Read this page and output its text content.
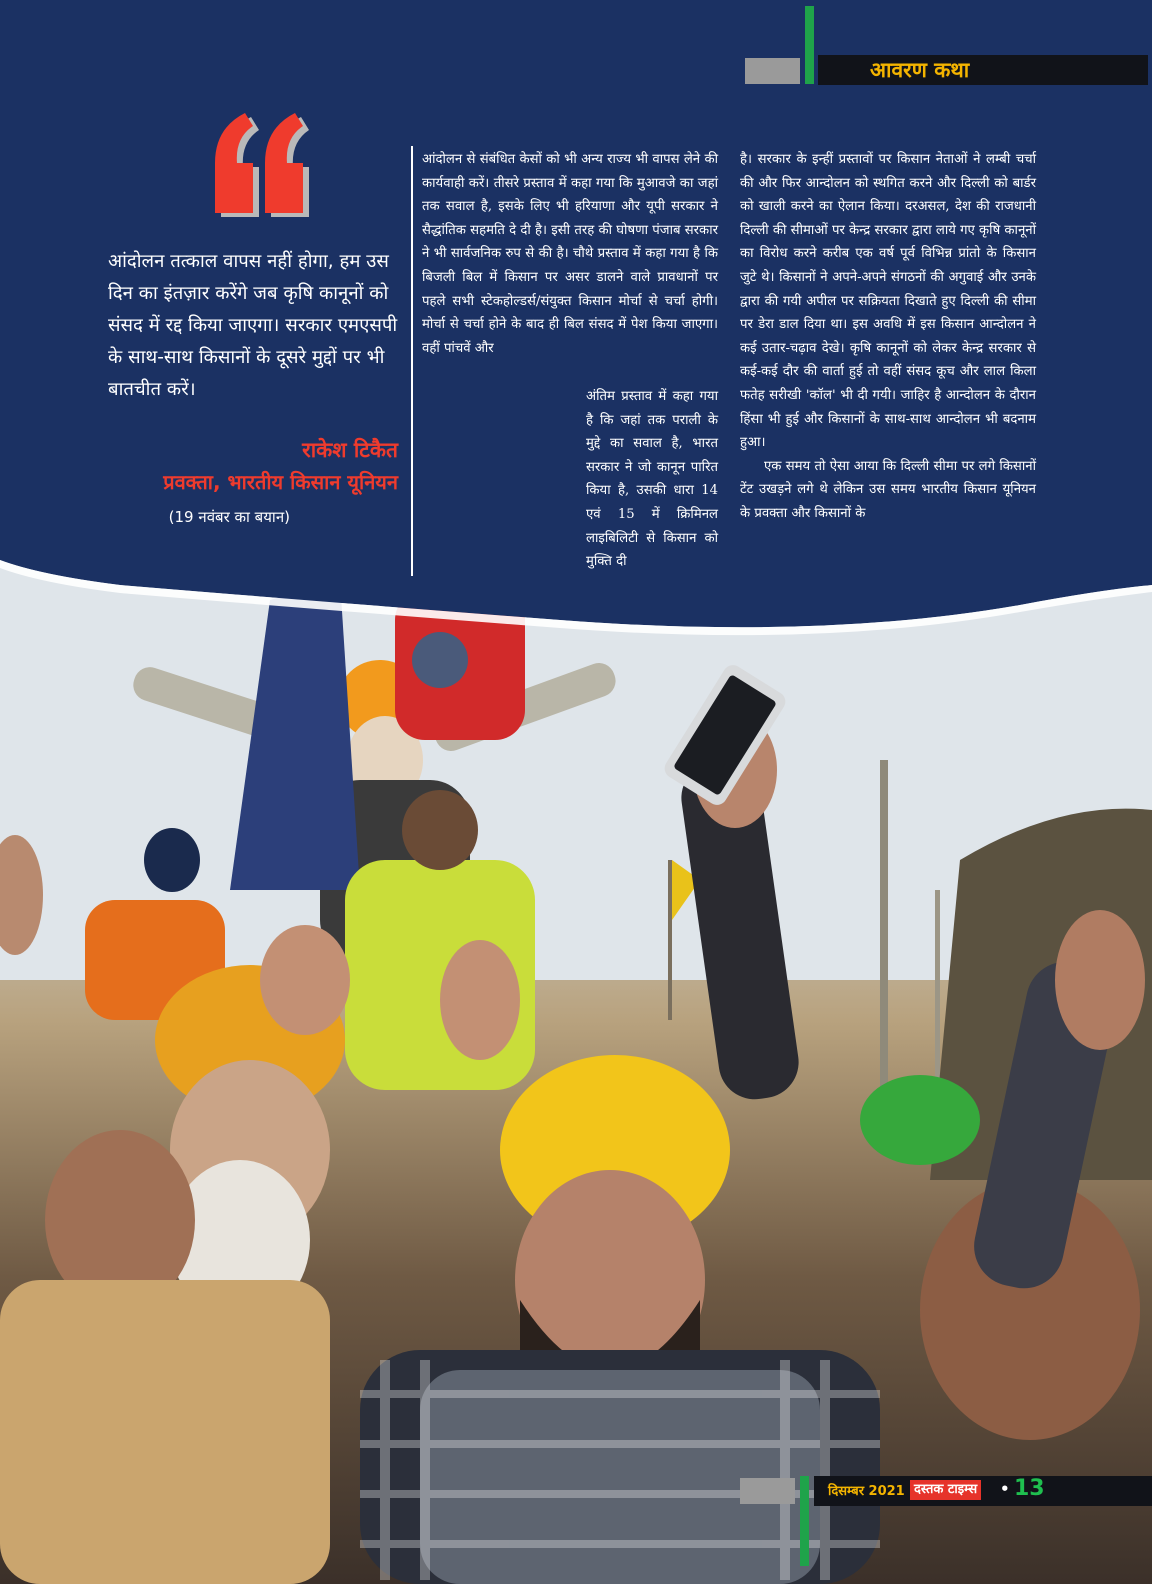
आवरण कथा

आंदोलन तत्काल वापस नहीं होगा, हम उस दिन का इंतज़ार करेंगे जब कृषि कानूनों को संसद में रद्द किया जाएगा। सरकार एमएसपी के साथ-साथ किसानों के दूसरे मुद्दों पर भी बातचीत करें।

राकेश टिकैत
प्रवक्ता, भारतीय किसान यूनियन
(19 नवंबर का बयान)

आंदोलन से संबंधित केसों को भी अन्य राज्य भी वापस लेने की कार्यवाही करें। तीसरे प्रस्ताव में कहा गया कि मुआवजे का जहां तक सवाल है, इसके लिए भी हरियाणा और यूपी सरकार ने सैद्धांतिक सहमति दे दी है। इसी तरह की घोषणा पंजाब सरकार ने भी सार्वजनिक रुप से की है। चौथे प्रस्ताव में कहा गया है कि बिजली बिल में किसान पर असर डालने वाले प्रावधानों पर पहले सभी स्टेकहोल्डर्स/संयुक्त किसान मोर्चा से चर्चा होगी। मोर्चा से चर्चा होने के बाद ही बिल संसद में पेश किया जाएगा। वहीं पांचवें और

अंतिम प्रस्ताव में कहा गया है कि जहां तक पराली के मुद्दे का सवाल है, भारत सरकार ने जो कानून पारित किया है, उसकी धारा 14 एवं 15 में क्रिमिनल लाइबिलिटी से किसान को मुक्ति दी

है। सरकार के इन्हीं प्रस्तावों पर किसान नेताओं ने लम्बी चर्चा की और फिर आन्दोलन को स्थगित करने और दिल्ली को बार्डर को खाली करने का ऐलान किया। दरअसल, देश की राजधानी दिल्ली की सीमाओं पर केन्द्र सरकार द्वारा लाये गए कृषि कानूनों का विरोध करने करीब एक वर्ष पूर्व विभिन्न प्रांतो के किसान जुटे थे। किसानों ने अपने-अपने संगठनों की अगुवाई और उनके द्वारा की गयी अपील पर सक्रियता दिखाते हुए दिल्ली की सीमा पर डेरा डाल दिया था। इस अवधि में इस किसान आन्दोलन ने कई उतार-चढ़ाव देखे। कृषि कानूनों को लेकर केन्द्र सरकार से कई-कई दौर की वार्ता हुई तो वहीं संसद कूच और लाल किला फतेह सरीखी 'कॉल' भी दी गयी। जाहिर है आन्दोलन के दौरान हिंसा भी हुई और किसानों के साथ-साथ आन्दोलन भी बदनाम हुआ।
एक समय तो ऐसा आया कि दिल्ली सीमा पर लगे किसानों टेंट उखड़ने लगे थे लेकिन उस समय भारतीय किसान यूनियन के प्रवक्ता और किसानों के
दिसम्बर 2021 दस्तक टाइम्स • 13
